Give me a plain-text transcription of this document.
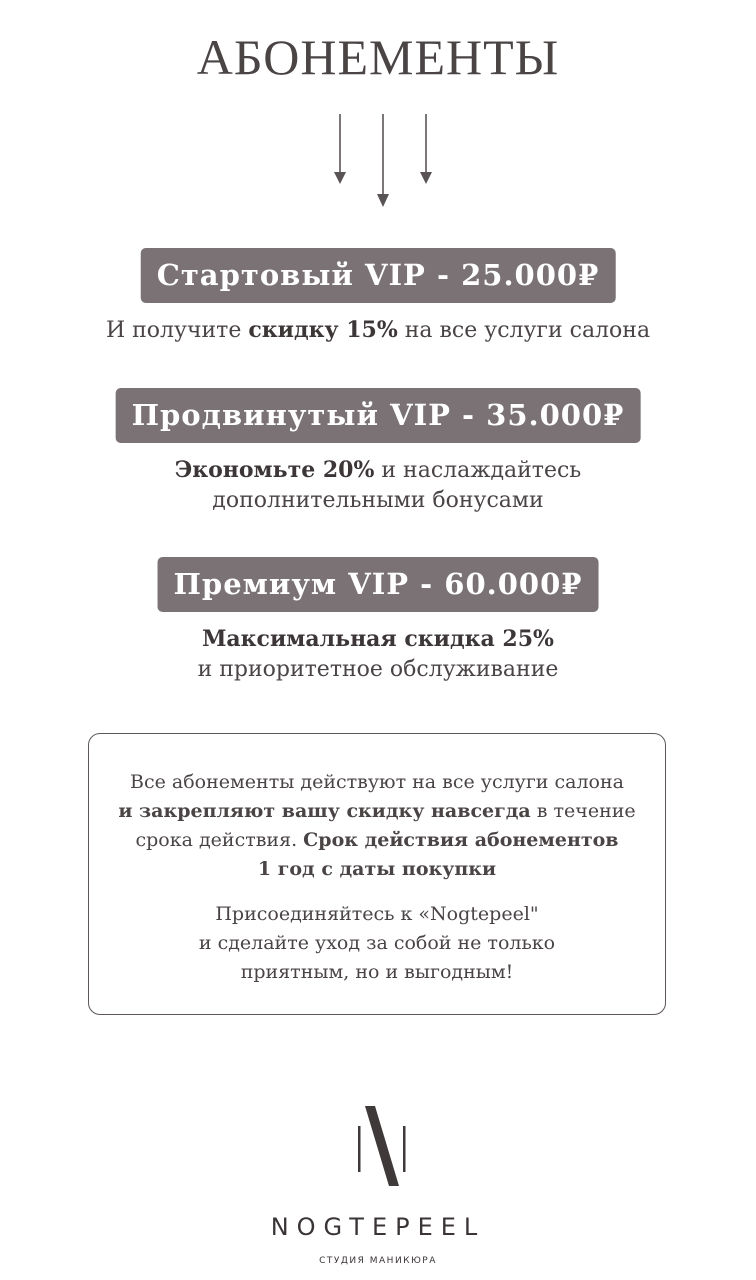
АБОНЕМЕНТЫ
Стартовый VIP - 25.000₽
И получите скидку 15% на все услуги салона
Продвинутый VIP - 35.000₽
Экономьте 20% и наслаждайтесь
дополнительными бонусами
Премиум VIP - 60.000₽
Максимальная скидка 25%
и приоритетное обслуживание
Все абонементы действуют на все услуги салона
и закрепляют вашу скидку навсегда в течение
срока действия. Срок действия абонементов
1 год с даты покупки
Присоединяйтесь к «Nogtepeel"
и сделайте уход за собой не только
приятным, но и выгодным!
NOGTEPEEL
СТУДИЯ МАНИКЮРА
